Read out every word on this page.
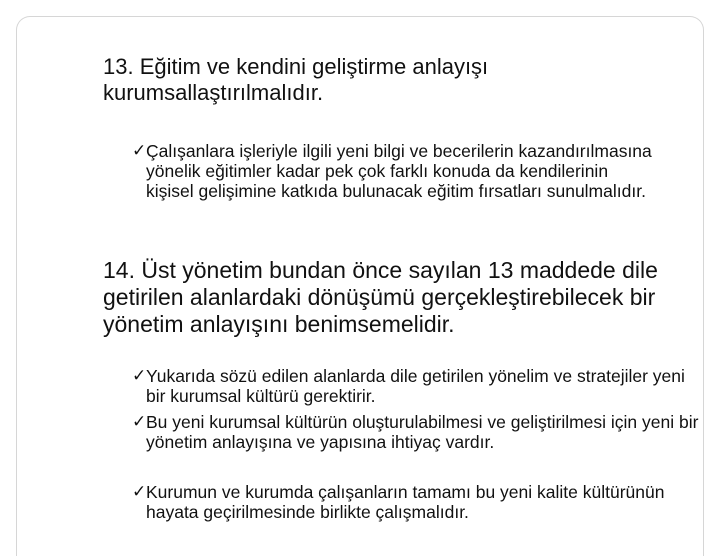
13. Eğitim ve kendini geliştirme anlayışı kurumsallaştırılmalıdır.

✓ Çalışanlara işleriyle ilgili yeni bilgi ve becerilerin kazandırılmasına yönelik eğitimler kadar pek çok farklı konuda da kendilerinin kişisel gelişimine katkıda bulunacak eğitim fırsatları sunulmalıdır.

14. Üst yönetim bundan önce sayılan 13 maddede dile getirilen alanlardaki dönüşümü gerçekleştirebilecek bir yönetim anlayışını benimsemelidir.

✓ Yukarıda sözü edilen alanlarda dile getirilen yönelim ve stratejiler yeni bir kurumsal kültürü gerektirir.
✓ Bu yeni kurumsal kültürün oluşturulabilmesi ve geliştirilmesi için yeni bir yönetim anlayışına ve yapısına ihtiyaç vardır.
✓ Kurumun ve kurumda çalışanların tamamı bu yeni kalite kültürünün hayata geçirilmesinde birlikte çalışmalıdır.
